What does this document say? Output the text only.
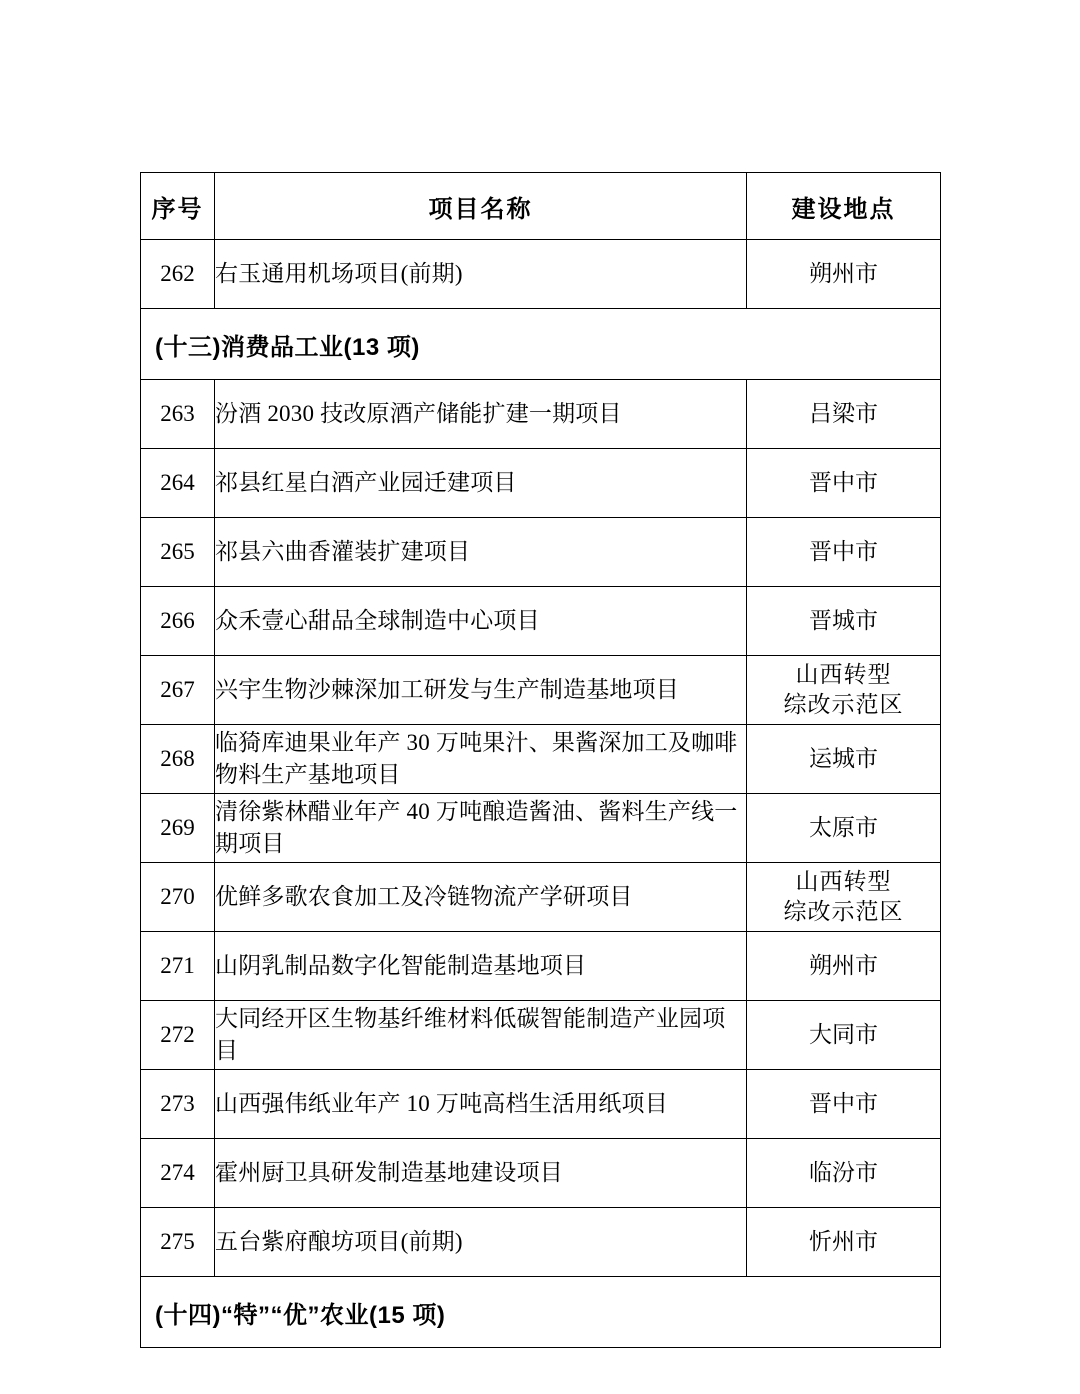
序号	项目名称	建设地点
262	右玉通用机场项目(前期)	朔州市
(十三)消费品工业(13 项)		
263	汾酒 2030 技改原酒产储能扩建一期项目	吕梁市
264	祁县红星白酒产业园迁建项目	晋中市
265	祁县六曲香灌装扩建项目	晋中市
266	众禾壹心甜品全球制造中心项目	晋城市
267	兴宇生物沙棘深加工研发与生产制造基地项目	山西转型
综改示范区

268	临猗库迪果业年产 30 万吨果汁、果酱深加工及咖啡物料生产基地项目	运城市
269	清徐紫林醋业年产 40 万吨酿造酱油、酱料生产线一期项目	太原市
270	优鲜多歌农食加工及冷链物流产学研项目	山西转型
综改示范区

271	山阴乳制品数字化智能制造基地项目	朔州市
272	大同经开区生物基纤维材料低碳智能制造产业园项目	大同市
273	山西强伟纸业年产 10 万吨高档生活用纸项目	晋中市
274	霍州厨卫具研发制造基地建设项目	临汾市
275	五台紫府酿坊项目(前期)	忻州市
(十四)“特”“优”农业(15 项)		
